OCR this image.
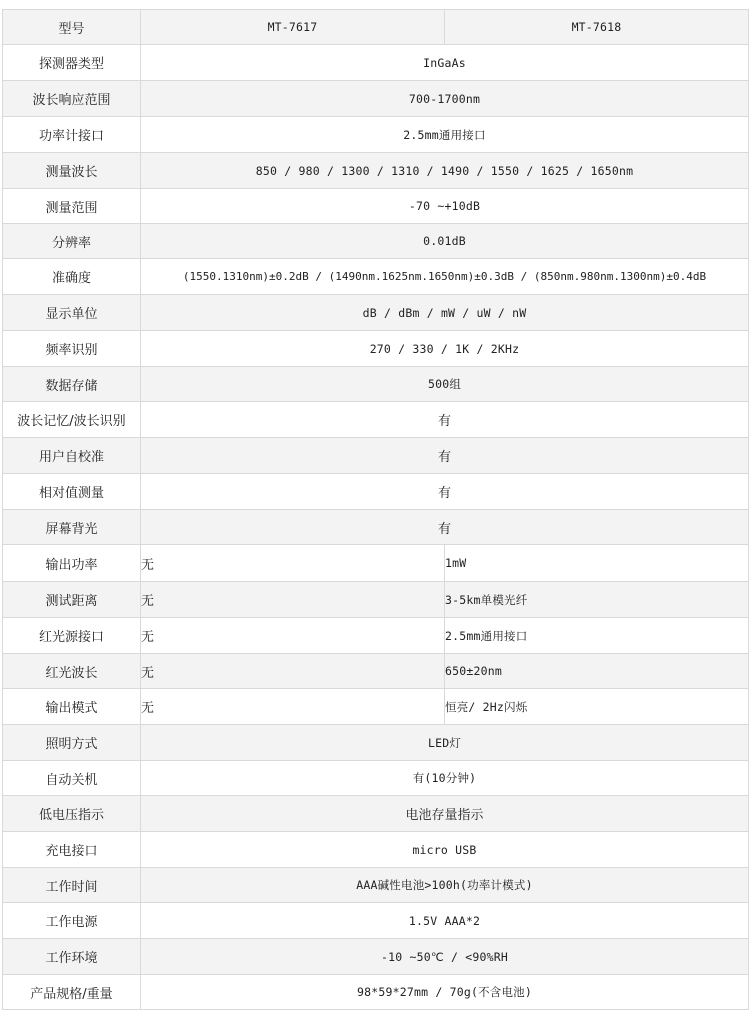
型号	MT-7617	MT-7618
探测器类型	InGaAs	
波长响应范围	700-1700nm	
功率计接口	2.5mm通用接口	
测量波长	850 / 980 / 1300 / 1310 / 1490 / 1550 / 1625 / 1650nm	
测量范围	-70 ~+10dB	
分辨率	0.01dB	
准确度	(1550.1310nm)±0.2dB / (1490nm.1625nm.1650nm)±0.3dB / (850nm.980nm.1300nm)±0.4dB	
显示单位	dB / dBm / mW / uW / nW	
频率识别	270 / 330 / 1K / 2KHz	
数据存储	500组	
波长记忆/波长识别	有	
用户自校准	有	
相对值测量	有	
屏幕背光	有	
输出功率	无	1mW
测试距离	无	3-5km单模光纤
红光源接口	无	2.5mm通用接口
红光波长	无	650±20nm
输出模式	无	恒亮/ 2Hz闪烁
照明方式	LED灯	
自动关机	有(10分钟)	
低电压指示	电池存量指示	
充电接口	micro USB	
工作时间	AAA碱性电池>100h(功率计模式)	
工作电源	1.5V AAA*2	
工作环境	-10 ~50℃ / <90%RH	
产品规格/重量	98*59*27mm / 70g(不含电池)	
